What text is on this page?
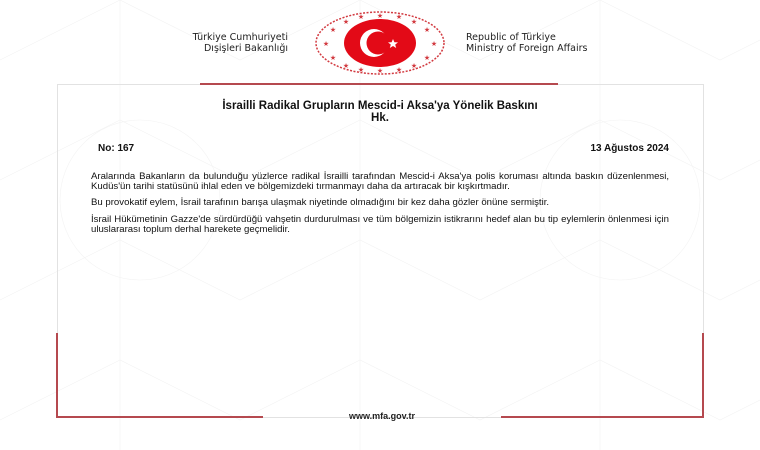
Türkiye Cumhuriyeti
Dışişleri Bakanlığı
★
★
★ ★ ★
★
★
★	★
★
★ ★ ★ ★ ★
★
Republic of Türkiye
Ministry of Foreign Affairs
İsrailli Radikal Grupların Mescid-i Aksa'ya Yönelik Baskını
Hk.
No: 167	13 Ağustos 2024

Aralarında Bakanların da bulunduğu yüzlerce radikal İsrailli tarafından Mescid-i Aksa'ya polis koruması altında baskın düzenlenmesi, Kudüs'ün tarihi statüsünü ihlal eden ve bölgemizdeki tırmanmayı daha da artıracak bir kışkırtmadır.

Bu provokatif eylem, İsrail tarafının barışa ulaşmak niyetinde olmadığını bir kez daha gözler önüne sermiştir.

İsrail Hükümetinin Gazze'de sürdürdüğü vahşetin durdurulması ve tüm bölgemizin istikrarını hedef alan bu tip eylemlerin önlenmesi için uluslararası toplum derhal harekete geçmelidir.

www.mfa.gov.tr
